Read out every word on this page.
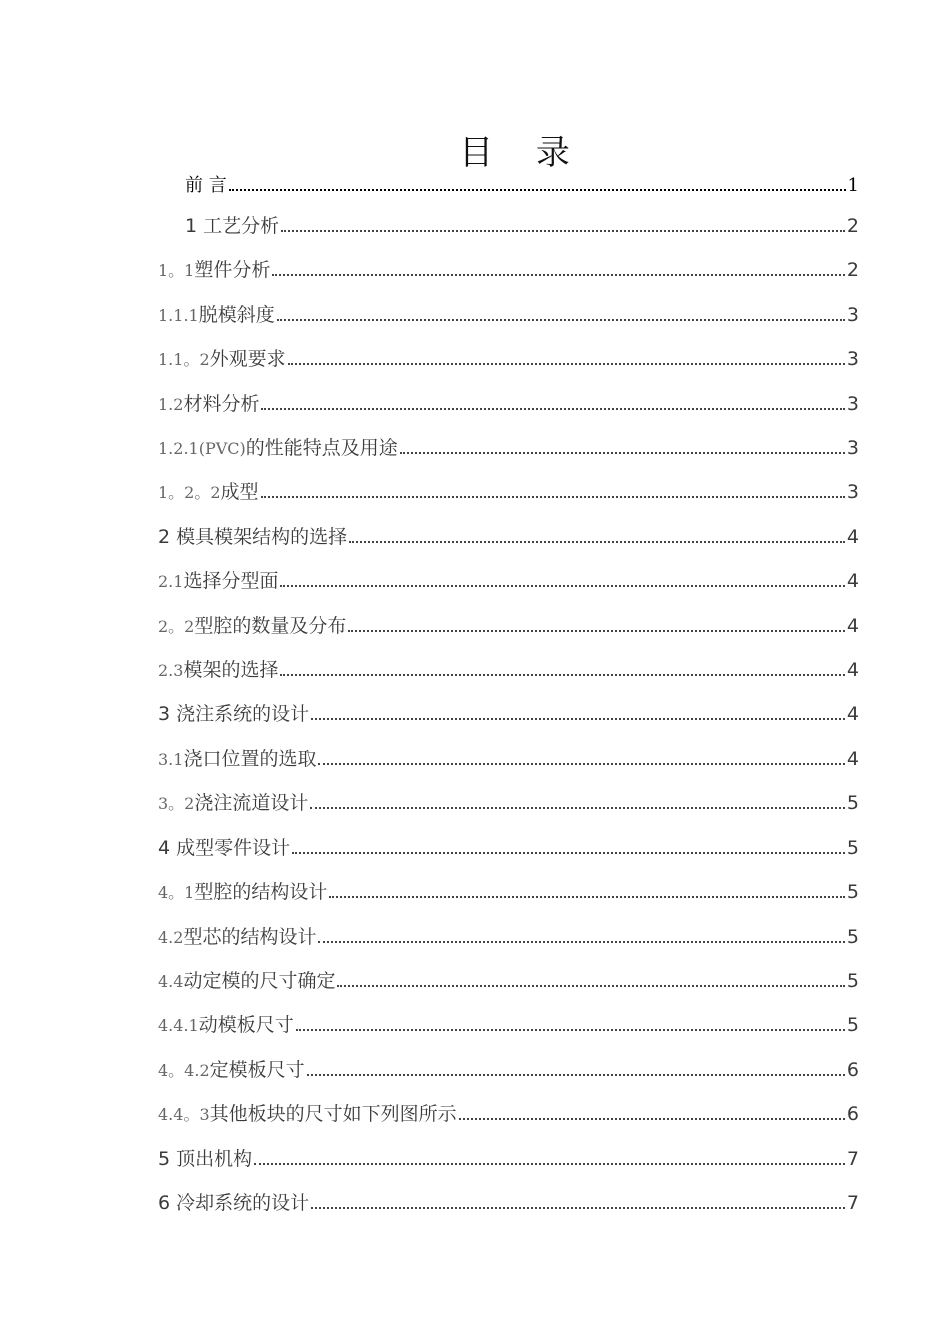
目 录
前 言	1
1 工艺分析	2
1。1 塑件分析	2
1.1.1 脱模斜度	3
1.1。2 外观要求	3
1.2 材料分析	3
1.2.1(PVC) 的性能特点及用途	3
1。2。2 成型	3
2 模具模架结构的选择	4
2.1 选择分型面	4
2。2 型腔的数量及分布	4
2.3 模架的选择	4
3 浇注系统的设计	4
3.1 浇口位置的选取	4
3。2 浇注流道设计	5
4 成型零件设计	5
4。1 型腔的结构设计	5
4.2 型芯的结构设计	5
4.4 动定模的尺寸确定	5
4.4.1 动模板尺寸	5
4。4.2 定模板尺寸	6
4.4。3 其他板块的尺寸如下列图所示	6
5 顶出机构	7
6 冷却系统的设计	7
